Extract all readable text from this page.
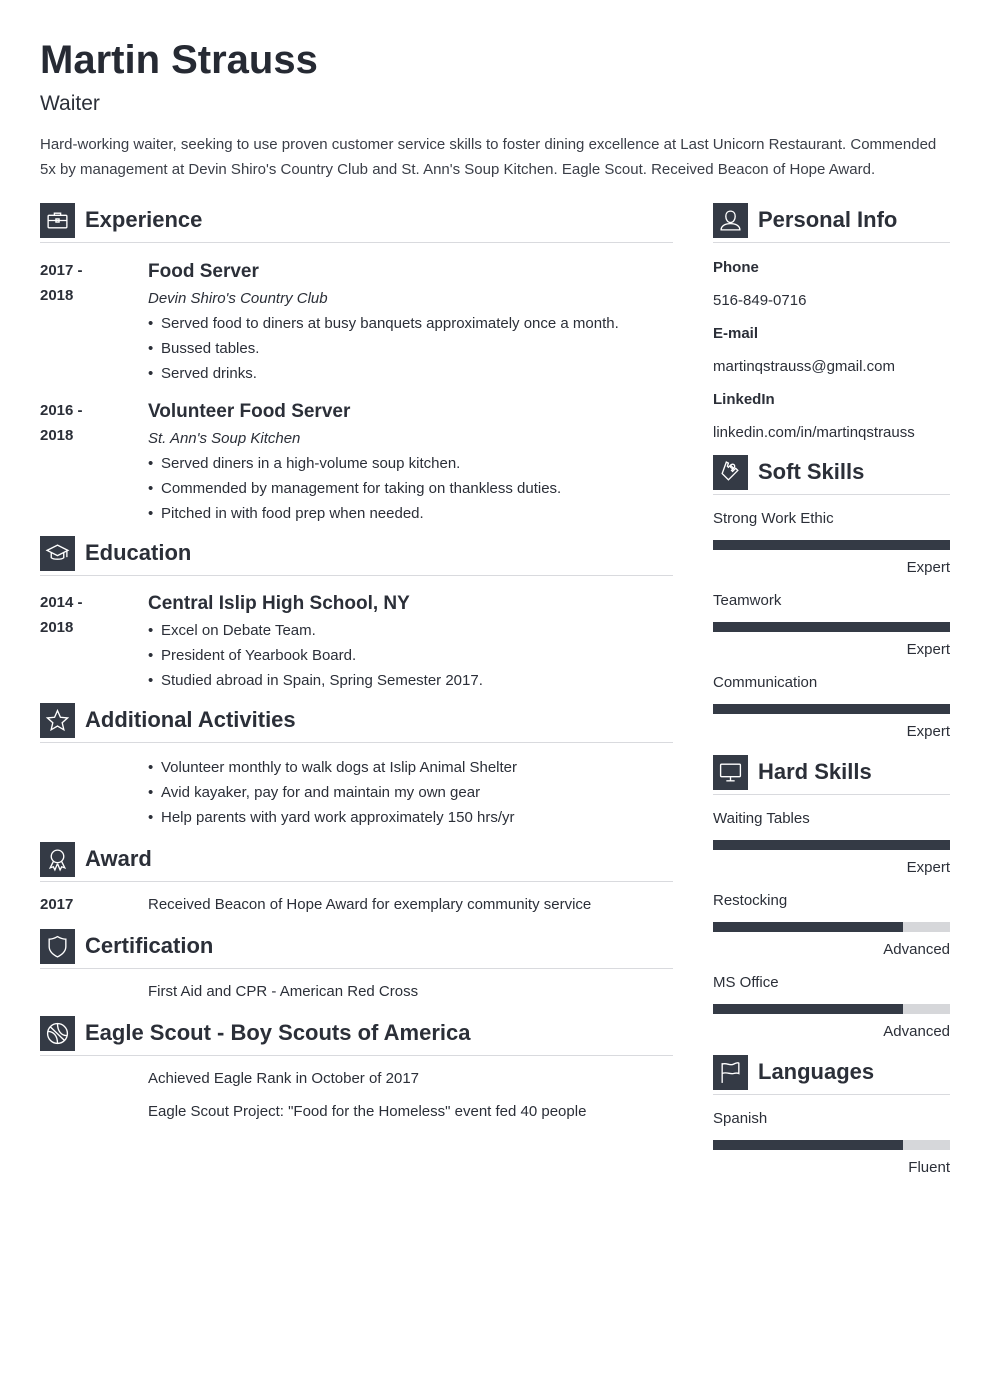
Martin Strauss
Waiter
Hard-working waiter, seeking to use proven customer service skills to foster dining excellence at Last Unicorn Restaurant. Commended 5x by management at Devin Shiro's Country Club and St. Ann's Soup Kitchen. Eagle Scout. Received Beacon of Hope Award.
Experience
2017 -
2018
Food Server
Devin Shiro's Country Club
• Served food to diners at busy banquets approximately once a month.
• Bussed tables.
• Served drinks.
2016 -
2018
Volunteer Food Server
St. Ann's Soup Kitchen
• Served diners in a high-volume soup kitchen.
• Commended by management for taking on thankless duties.
• Pitched in with food prep when needed.
Education
2014 -
2018
Central Islip High School, NY
• Excel on Debate Team.
• President of Yearbook Board.
• Studied abroad in Spain, Spring Semester 2017.
Additional Activities
• Volunteer monthly to walk dogs at Islip Animal Shelter
• Avid kayaker, pay for and maintain my own gear
• Help parents with yard work approximately 150 hrs/yr
Award
2017	Received Beacon of Hope Award for exemplary community service
Certification
First Aid and CPR - American Red Cross
Eagle Scout - Boy Scouts of America
Achieved Eagle Rank in October of 2017
Eagle Scout Project: "Food for the Homeless" event fed 40 people
Personal Info
Phone
516-849-0716
E-mail
martinqstrauss@gmail.com
LinkedIn
linkedin.com/in/martinqstrauss
Soft Skills
Strong Work Ethic
Expert
Teamwork
Expert
Communication
Expert
Hard Skills
Waiting Tables
Expert
Restocking
Advanced
MS Office
Advanced
Languages
Spanish
Fluent
